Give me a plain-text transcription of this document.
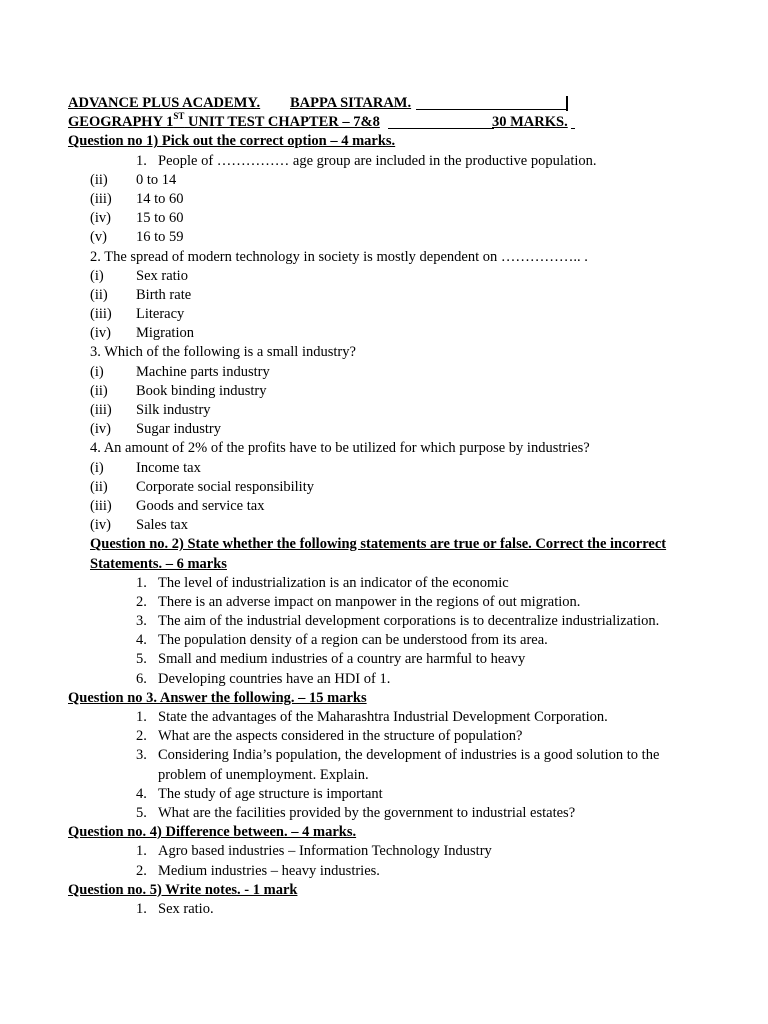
ADVANCE PLUS ACADEMY. BAPPA SITARAM.
GEOGRAPHY 1ST UNIT TEST CHAPTER – 7&8	30 MARKS.
Question no 1) Pick out the correct option – 4 marks.
1. People of …………… age group are included in the productive population.
(ii) 0 to 14
(iii) 14 to 60
(iv) 15 to 60
(v) 16 to 59
2. The spread of modern technology in society is mostly dependent on …………….. .
(i) Sex ratio
(ii) Birth rate
(iii) Literacy
(iv) Migration
3. Which of the following is a small industry?
(i) Machine parts industry
(ii) Book binding industry
(iii) Silk industry
(iv) Sugar industry
4. An amount of 2% of the profits have to be utilized for which purpose by industries?
(i) Income tax
(ii) Corporate social responsibility
(iii) Goods and service tax
(iv) Sales tax
Question no. 2) State whether the following statements are true or false. Correct the incorrect
Statements. – 6 marks
1. The level of industrialization is an indicator of the economic
2. There is an adverse impact on manpower in the regions of out migration.
3. The aim of the industrial development corporations is to decentralize industrialization.
4. The population density of a region can be understood from its area.
5. Small and medium industries of a country are harmful to heavy
6. Developing countries have an HDI of 1.
Question no 3. Answer the following. – 15 marks
1. State the advantages of the Maharashtra Industrial Development Corporation.
2. What are the aspects considered in the structure of population?
3. Considering India’s population, the development of industries is a good solution to the
problem of unemployment. Explain.
4. The study of age structure is important
5. What are the facilities provided by the government to industrial estates?
Question no. 4) Difference between. – 4 marks.
1. Agro based industries – Information Technology Industry
2. Medium industries – heavy industries.
Question no. 5) Write notes. - 1 mark
1. Sex ratio.
